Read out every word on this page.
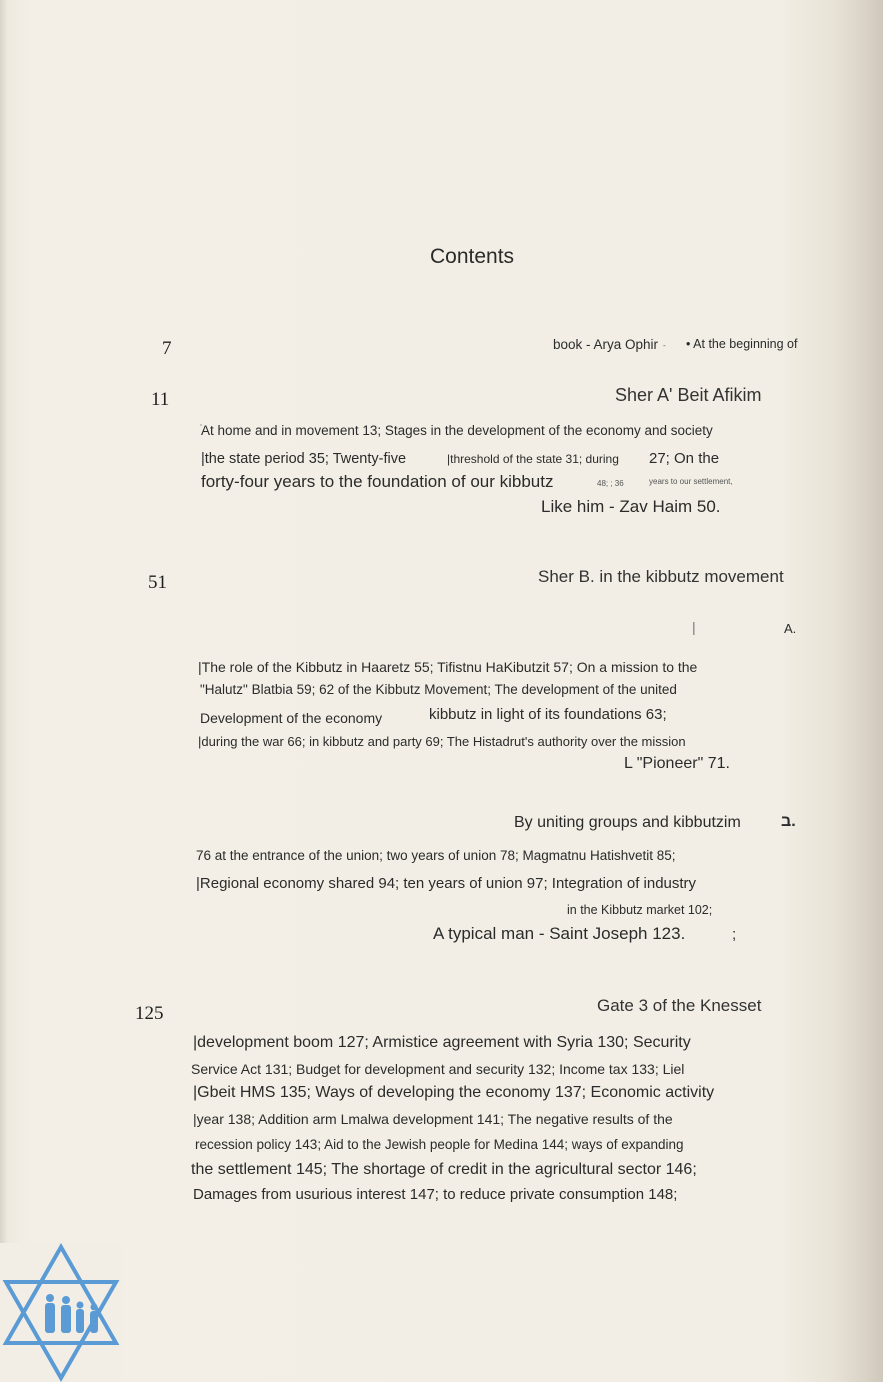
Contents
7	book - Arya Ophir - • At the beginning of
11	Sher A' Beit Afikim
At home and in movement 13; Stages in the development of the economy and society
|the state period 35; Twenty-five	|threshold of the state 31; during 27; On the
forty-four years to the foundation of our kibbutz	48; ; 36	years to our settlement,
Like him - Zav Haim 50.
51	Sher B. in the kibbutz movement
|	A.
|The role of the Kibbutz in Haaretz 55; Tifistnu HaKibutzit 57; On a mission to the
"Halutz" Blatbia 59; 62 of the Kibbutz Movement; The development of the united
Development of the economy	kibbutz in light of its foundations 63;
|during the war 66; in kibbutz and party 69; The Histadrut's authority over the mission
L "Pioneer" 71.
By uniting groups and kibbutzim	ב.
76 at the entrance of the union; two years of union 78; Magmatnu Hatishvetit 85;
|Regional economy shared 94; ten years of union 97; Integration of industry
in the Kibbutz market 102;
A typical man - Saint Joseph 123.	;
125	Gate 3 of the Knesset
|development boom 127; Armistice agreement with Syria 130; Security
Service Act 131; Budget for development and security 132; Income tax 133; Liel
|Gbeit HMS 135; Ways of developing the economy 137; Economic activity
|year 138; Addition arm Lmalwa development 141; The negative results of the
recession policy 143; Aid to the Jewish people for Medina 144; ways of expanding
the settlement 145; The shortage of credit in the agricultural sector 146;
Damages from usurious interest 147; to reduce private consumption 148;
